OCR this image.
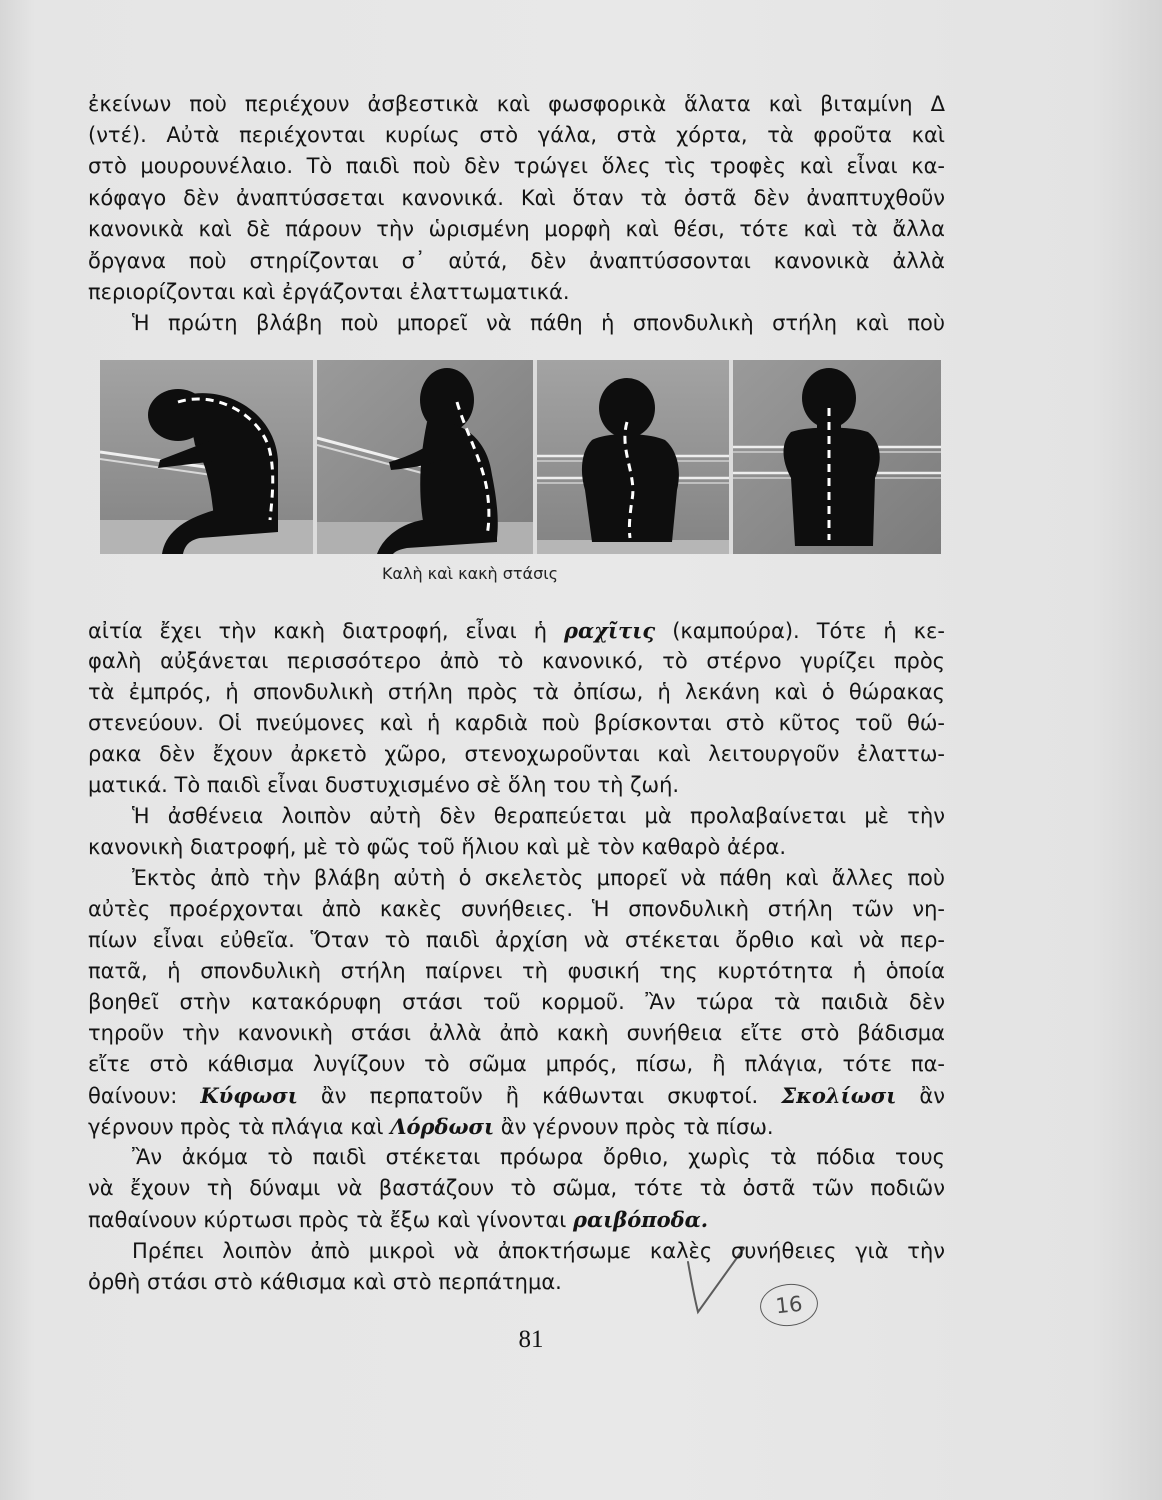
Καλὴ καὶ κακὴ στάσις
81
16
ἐκείνων ποὺ περιέχουν ἀσβεστικὰ καὶ φωσφορικὰ ἅλατα καὶ βιταμίνη Δ
(ντέ). Αὐτὰ περιέχονται κυρίως στὸ γάλα, στὰ χόρτα, τὰ φροῦτα καὶ
στὸ μουρουνέλαιο. Τὸ παιδὶ ποὺ δὲν τρώγει ὅλες τὶς τροφὲς καὶ εἶναι κα-
κόφαγο δὲν ἀναπτύσσεται κανονικά. Καὶ ὅταν τὰ ὀστᾶ δὲν ἀναπτυχθοῦν
κανονικὰ καὶ δὲ πάρουν τὴν ὡρισμένη μορφὴ καὶ θέσι, τότε καὶ τὰ ἄλλα
ὄργανα ποὺ στηρίζονται σ᾽ αὐτά, δὲν ἀναπτύσσονται κανονικὰ ἀλλὰ
περιορίζονται καὶ ἐργάζονται ἐλαττωματικά.
Ἡ πρώτη βλάβη ποὺ μπορεῖ νὰ πάθη ἡ σπονδυλικὴ στήλη καὶ ποὺ
αἰτία ἔχει τὴν κακὴ διατροφή, εἶναι ἡ ραχῖτις (καμπούρα). Τότε ἡ κε-
φαλὴ αὐξάνεται περισσότερο ἀπὸ τὸ κανονικό, τὸ στέρνο γυρίζει πρὸς
τὰ ἐμπρός, ἡ σπονδυλικὴ στήλη πρὸς τὰ ὀπίσω, ἡ λεκάνη καὶ ὁ θώρακας
στενεύουν. Οἱ πνεύμονες καὶ ἡ καρδιὰ ποὺ βρίσκονται στὸ κῦτος τοῦ θώ-
ρακα δὲν ἔχουν ἀρκετὸ χῶρο, στενοχωροῦνται καὶ λειτουργοῦν ἐλαττω-
ματικά. Τὸ παιδὶ εἶναι δυστυχισμένο σὲ ὅλη του τὴ ζωή.
Ἡ ἀσθένεια λοιπὸν αὐτὴ δὲν θεραπεύεται μὰ προλαβαίνεται μὲ τὴν
κανονικὴ διατροφή, μὲ τὸ φῶς τοῦ ἥλιου καὶ μὲ τὸν καθαρὸ ἀέρα.
Ἐκτὸς ἀπὸ τὴν βλάβη αὐτὴ ὁ σκελετὸς μπορεῖ νὰ πάθη καὶ ἄλλες ποὺ
αὐτὲς προέρχονται ἀπὸ κακὲς συνήθειες. Ἡ σπονδυλικὴ στήλη τῶν νη-
πίων εἶναι εὐθεῖα. Ὅταν τὸ παιδὶ ἀρχίση νὰ στέκεται ὄρθιο καὶ νὰ περ-
πατᾶ, ἡ σπονδυλικὴ στήλη παίρνει τὴ φυσική της κυρτότητα ἡ ὁποία
βοηθεῖ στὴν κατακόρυφη στάσι τοῦ κορμοῦ. Ἂν τώρα τὰ παιδιὰ δὲν
τηροῦν τὴν κανονικὴ στάσι ἀλλὰ ἀπὸ κακὴ συνήθεια εἴτε στὸ βάδισμα
εἴτε στὸ κάθισμα λυγίζουν τὸ σῶμα μπρός, πίσω, ἢ πλάγια, τότε πα-
θαίνουν: Κύφωσι ἂν περπατοῦν ἢ κάθωνται σκυφτοί. Σκολίωσι ἂν
γέρνουν πρὸς τὰ πλάγια καὶ Λόρδωσι ἂν γέρνουν πρὸς τὰ πίσω.
Ἂν ἀκόμα τὸ παιδὶ στέκεται πρόωρα ὄρθιο, χωρὶς τὰ πόδια τους
νὰ ἔχουν τὴ δύναμι νὰ βαστάζουν τὸ σῶμα, τότε τὰ ὀστᾶ τῶν ποδιῶν
παθαίνουν κύρτωσι πρὸς τὰ ἔξω καὶ γίνονται ραιβόποδα.
Πρέπει λοιπὸν ἀπὸ μικροὶ νὰ ἀποκτήσωμε καλὲς συνήθειες γιὰ τὴν
ὀρθὴ στάσι στὸ κάθισμα καὶ στὸ περπάτημα.
